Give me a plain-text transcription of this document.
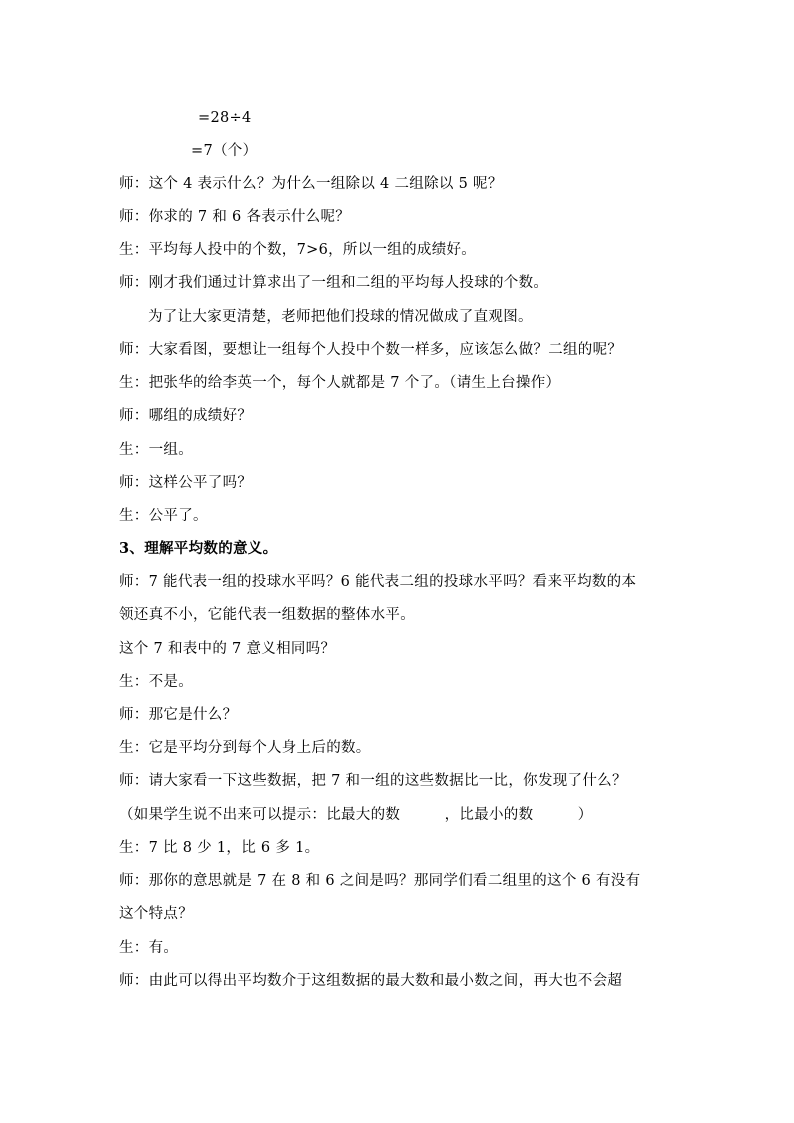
=28÷4
=7（个）
师：这个 4 表示什么？为什么一组除以 4 二组除以 5 呢？
师：你求的 7 和 6 各表示什么呢？
生：平均每人投中的个数，7>6，所以一组的成绩好。
师：刚才我们通过计算求出了一组和二组的平均每人投球的个数。
为了让大家更清楚，老师把他们投球的情况做成了直观图。
师：大家看图，要想让一组每个人投中个数一样多，应该怎么做？二组的呢？
生：把张华的给李英一个，每个人就都是 7 个了。（请生上台操作）
师：哪组的成绩好？
生：一组。
师：这样公平了吗？
生：公平了。
3、理解平均数的意义。
师：7 能代表一组的投球水平吗？6 能代表二组的投球水平吗？看来平均数的本
领还真不小，它能代表一组数据的整体水平。
这个 7 和表中的 7 意义相同吗？
生：不是。
师：那它是什么？
生：它是平均分到每个人身上后的数。
师：请大家看一下这些数据，把 7 和一组的这些数据比一比，你发现了什么？
（如果学生说不出来可以提示：比最大的数　　　，比最小的数　　　）
生：7 比 8 少 1，比 6 多 1。
师：那你的意思就是 7 在 8 和 6 之间是吗？那同学们看二组里的这个 6 有没有
这个特点？
生：有。
师：由此可以得出平均数介于这组数据的最大数和最小数之间，再大也不会超
